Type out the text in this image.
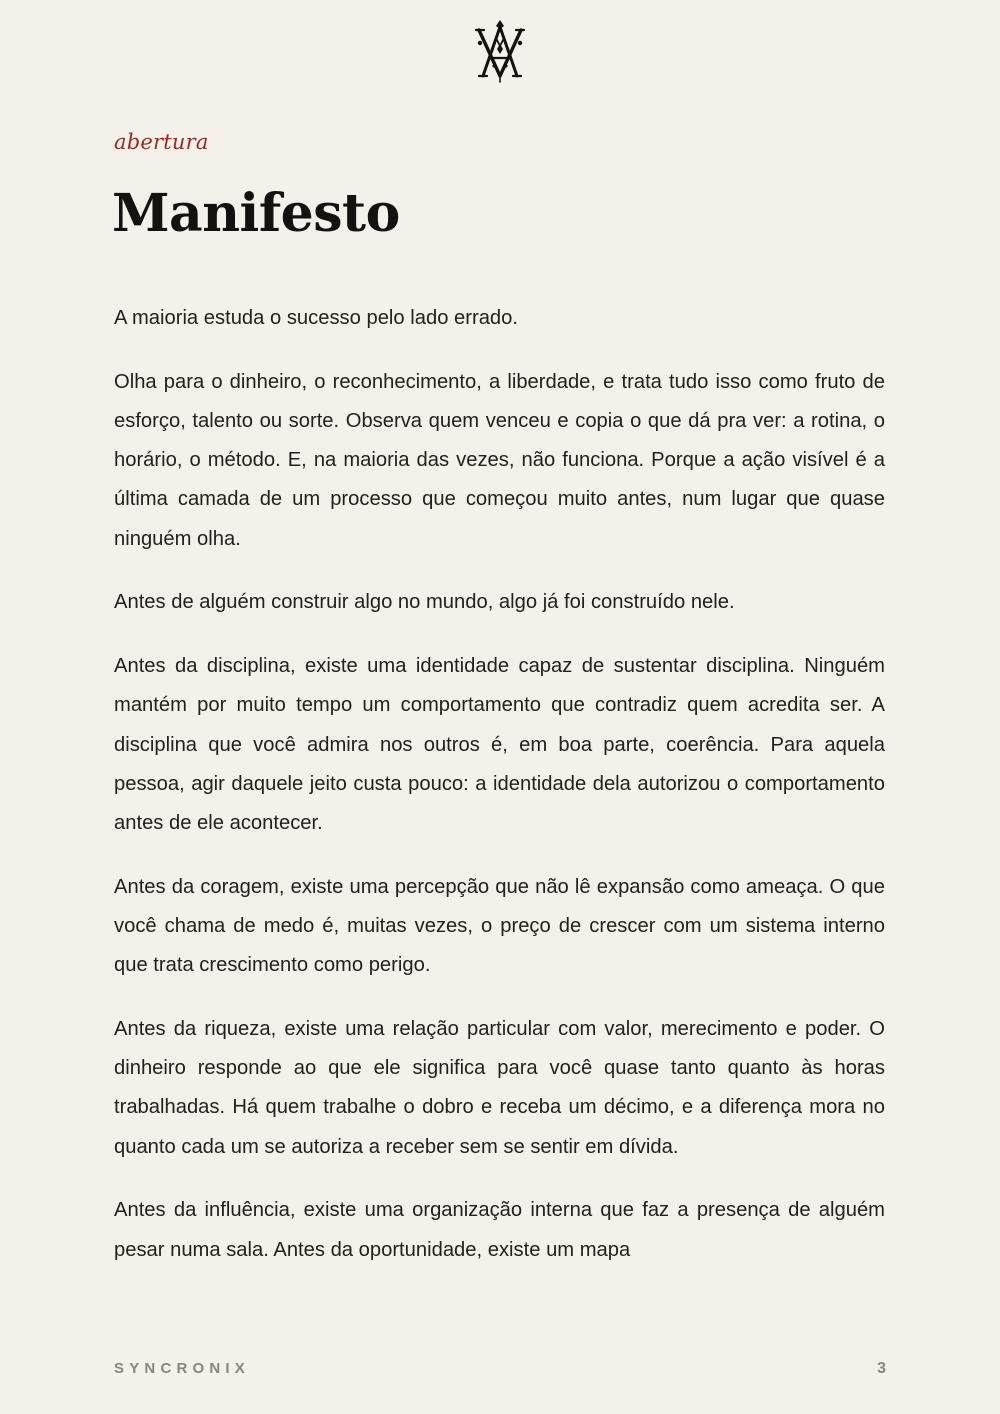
abertura
Manifesto

A maioria estuda o sucesso pelo lado errado.

Olha para o dinheiro, o reconhecimento, a liberdade, e trata tudo isso como fruto de esforço, talento ou sorte. Observa quem venceu e copia o que dá pra ver: a rotina, o horário, o método. E, na maioria das vezes, não funciona. Porque a ação visível é a última camada de um processo que começou muito antes, num lugar que quase ninguém olha.

Antes de alguém construir algo no mundo, algo já foi construído nele.

Antes da disciplina, existe uma identidade capaz de sustentar disciplina. Ninguém mantém por muito tempo um comportamento que contradiz quem acredita ser. A disciplina que você admira nos outros é, em boa parte, coerência. Para aquela pessoa, agir daquele jeito custa pouco: a identidade dela autorizou o comportamento antes de ele acontecer.

Antes da coragem, existe uma percepção que não lê expansão como ameaça. O que você chama de medo é, muitas vezes, o preço de crescer com um sistema interno que trata crescimento como perigo.

Antes da riqueza, existe uma relação particular com valor, merecimento e poder. O dinheiro responde ao que ele significa para você quase tanto quanto às horas trabalhadas. Há quem trabalhe o dobro e receba um décimo, e a diferença mora no quanto cada um se autoriza a receber sem se sentir em dívida.

Antes da influência, existe uma organização interna que faz a presença de alguém pesar numa sala. Antes da oportunidade, existe um mapa

SYNCRONIX	3
